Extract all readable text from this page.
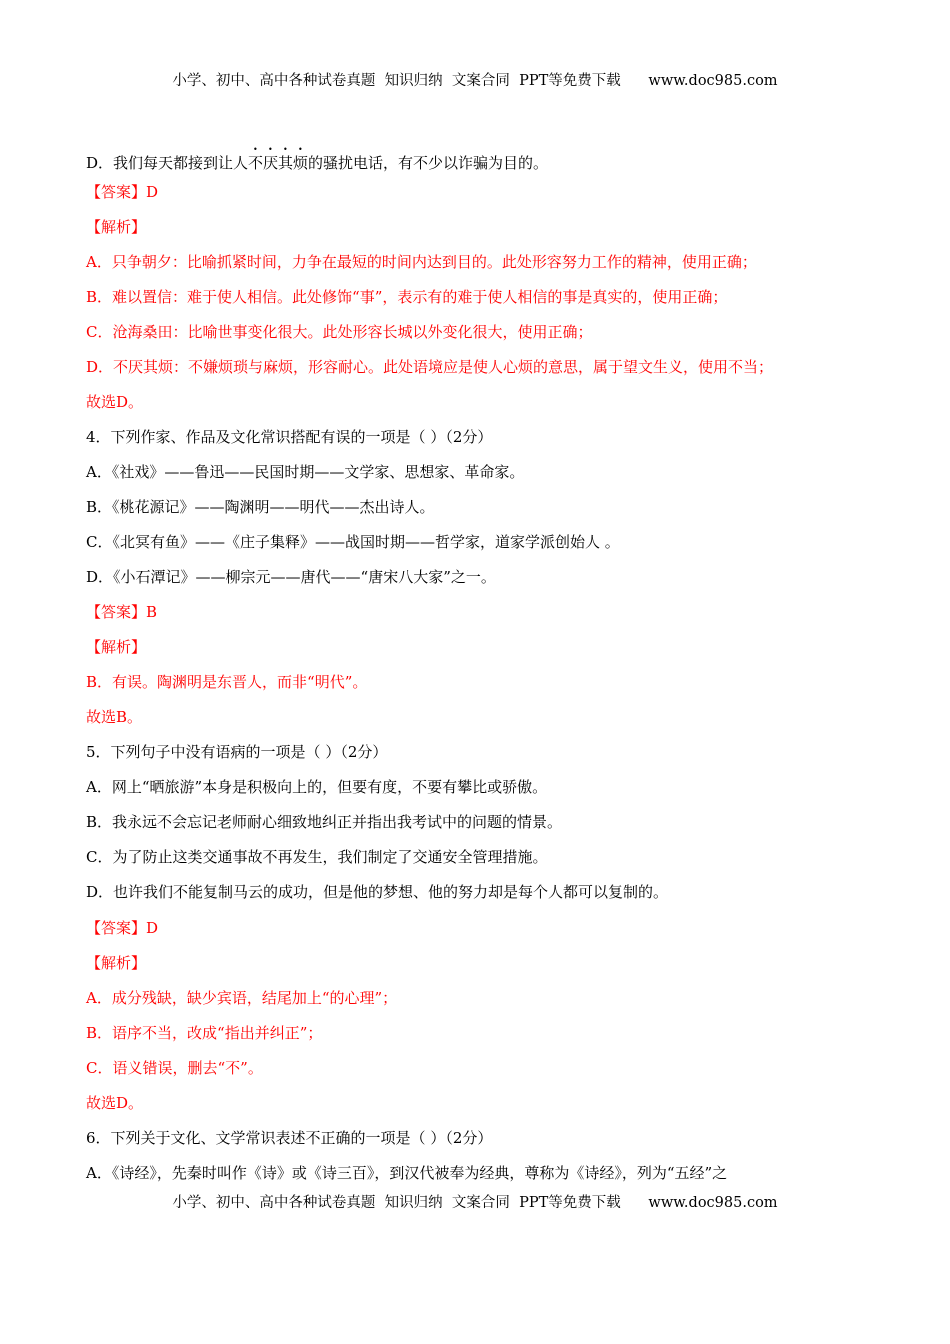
小学、初中、高中各种试卷真题  知识归纳  文案合同  PPT等免费下载      www.doc985.com
D．我们每天都接到让人不厌其烦的骚扰电话，有不少以诈骗为目的。
【答案】D
【解析】
A．只争朝夕：比喻抓紧时间，力争在最短的时间内达到目的。此处形容努力工作的精神，使用正确；
B．难以置信：难于使人相信。此处修饰“事”，表示有的难于使人相信的事是真实的，使用正确；
C．沧海桑田：比喻世事变化很大。此处形容长城以外变化很大，使用正确；
D．不厌其烦：不嫌烦琐与麻烦，形容耐心。此处语境应是使人心烦的意思，属于望文生义，使用不当；
故选D。
4．下列作家、作品及文化常识搭配有误的一项是（ ）（2分）
A．《社戏》——鲁迅——民国时期——文学家、思想家、革命家。
B．《桃花源记》——陶渊明——明代——杰出诗人。
C．《北冥有鱼》——《庄子集释》——战国时期——哲学家，道家学派创始人 。
D．《小石潭记》——柳宗元——唐代——“唐宋八大家”之一。
【答案】B
【解析】
B．有误。陶渊明是东晋人，而非“明代”。
故选B。
5．下列句子中没有语病的一项是（ ）（2分）
A．网上“晒旅游”本身是积极向上的，但要有度，不要有攀比或骄傲。
B．我永远不会忘记老师耐心细致地纠正并指出我考试中的问题的情景。
C．为了防止这类交通事故不再发生，我们制定了交通安全管理措施。
D．也许我们不能复制马云的成功，但是他的梦想、他的努力却是每个人都可以复制的。
【答案】D
【解析】
A．成分残缺，缺少宾语，结尾加上“的心理”；
B．语序不当，改成“指出并纠正”；
C．语义错误，删去“不”。
故选D。
6．下列关于文化、文学常识表述不正确的一项是（ ）（2分）
A．《诗经》，先秦时叫作《诗》或《诗三百》，到汉代被奉为经典，尊称为《诗经》，列为“五经”之
小学、初中、高中各种试卷真题  知识归纳  文案合同  PPT等免费下载      www.doc985.com
